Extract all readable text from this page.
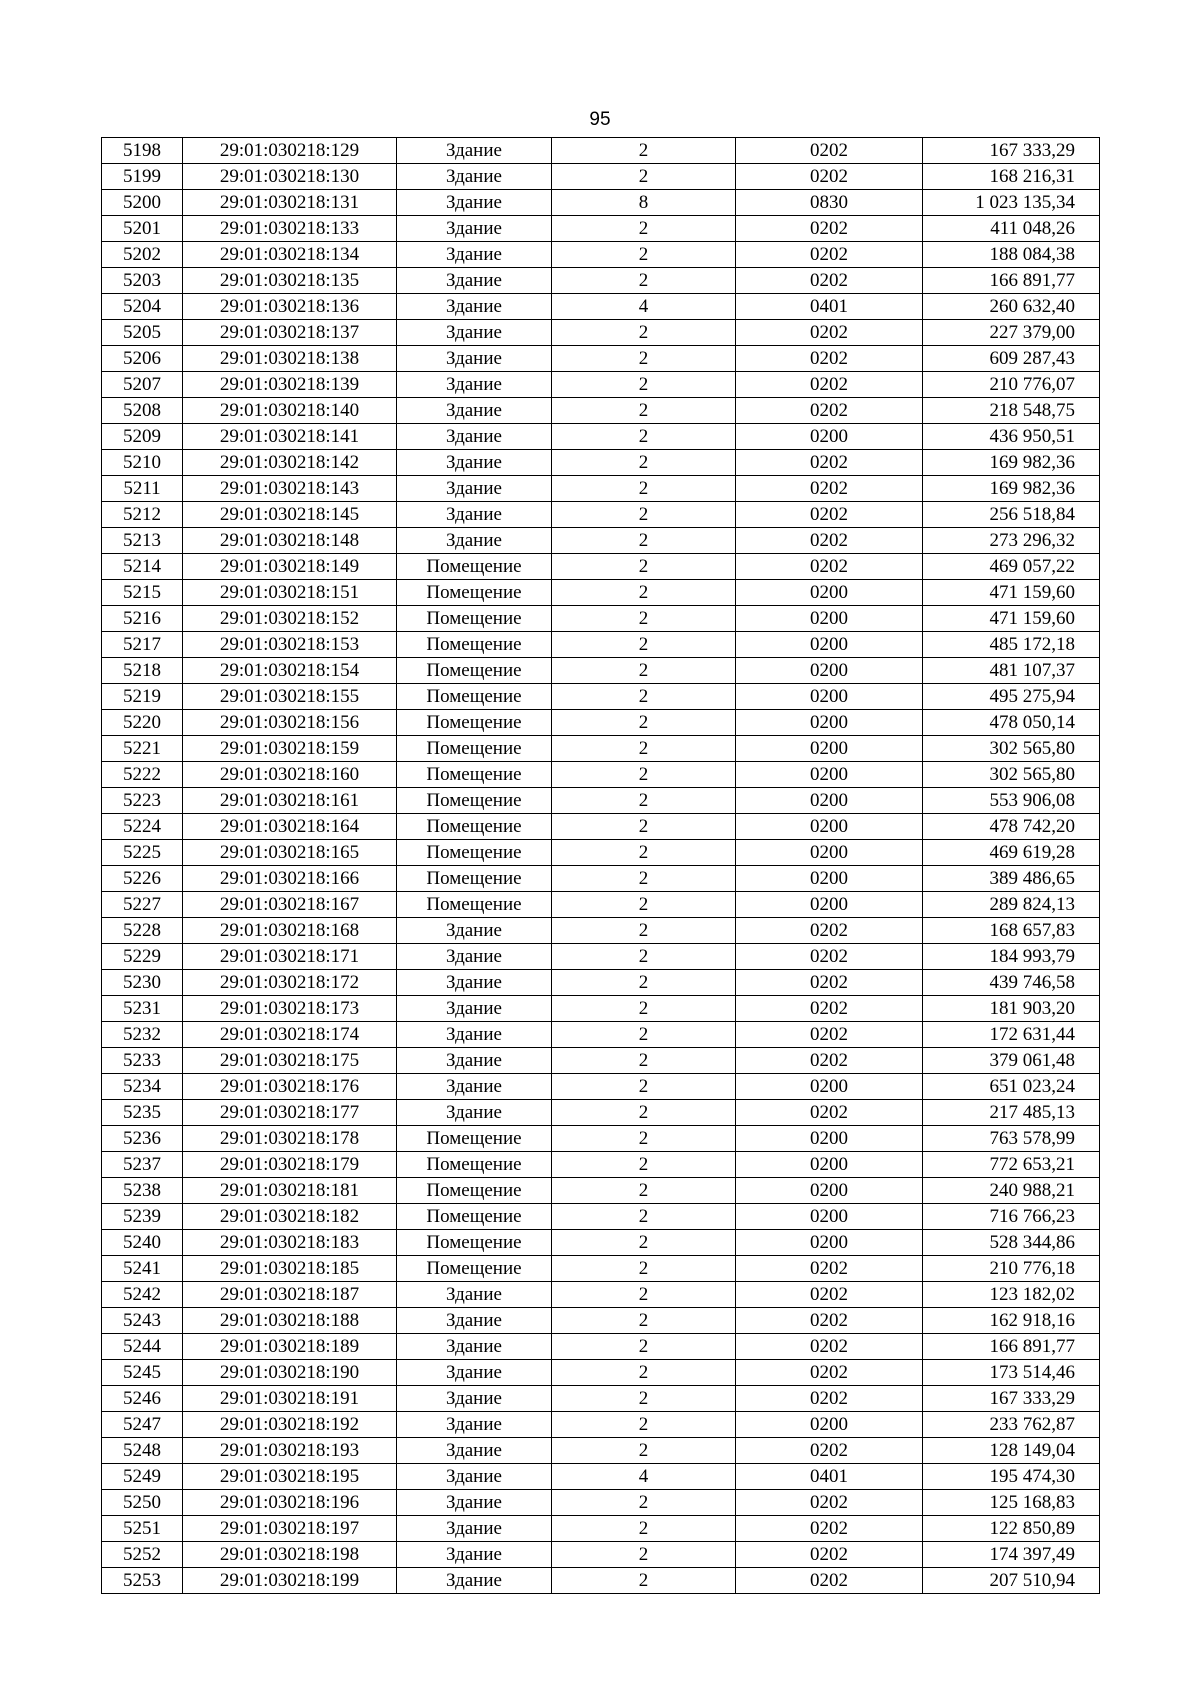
95
5198	29:01:030218:129	Здание	2	0202	167 333,29
5199	29:01:030218:130	Здание	2	0202	168 216,31
5200	29:01:030218:131	Здание	8	0830	1 023 135,34
5201	29:01:030218:133	Здание	2	0202	411 048,26
5202	29:01:030218:134	Здание	2	0202	188 084,38
5203	29:01:030218:135	Здание	2	0202	166 891,77
5204	29:01:030218:136	Здание	4	0401	260 632,40
5205	29:01:030218:137	Здание	2	0202	227 379,00
5206	29:01:030218:138	Здание	2	0202	609 287,43
5207	29:01:030218:139	Здание	2	0202	210 776,07
5208	29:01:030218:140	Здание	2	0202	218 548,75
5209	29:01:030218:141	Здание	2	0200	436 950,51
5210	29:01:030218:142	Здание	2	0202	169 982,36
5211	29:01:030218:143	Здание	2	0202	169 982,36
5212	29:01:030218:145	Здание	2	0202	256 518,84
5213	29:01:030218:148	Здание	2	0202	273 296,32
5214	29:01:030218:149	Помещение	2	0202	469 057,22
5215	29:01:030218:151	Помещение	2	0200	471 159,60
5216	29:01:030218:152	Помещение	2	0200	471 159,60
5217	29:01:030218:153	Помещение	2	0200	485 172,18
5218	29:01:030218:154	Помещение	2	0200	481 107,37
5219	29:01:030218:155	Помещение	2	0200	495 275,94
5220	29:01:030218:156	Помещение	2	0200	478 050,14
5221	29:01:030218:159	Помещение	2	0200	302 565,80
5222	29:01:030218:160	Помещение	2	0200	302 565,80
5223	29:01:030218:161	Помещение	2	0200	553 906,08
5224	29:01:030218:164	Помещение	2	0200	478 742,20
5225	29:01:030218:165	Помещение	2	0200	469 619,28
5226	29:01:030218:166	Помещение	2	0200	389 486,65
5227	29:01:030218:167	Помещение	2	0200	289 824,13
5228	29:01:030218:168	Здание	2	0202	168 657,83
5229	29:01:030218:171	Здание	2	0202	184 993,79
5230	29:01:030218:172	Здание	2	0202	439 746,58
5231	29:01:030218:173	Здание	2	0202	181 903,20
5232	29:01:030218:174	Здание	2	0202	172 631,44
5233	29:01:030218:175	Здание	2	0202	379 061,48
5234	29:01:030218:176	Здание	2	0200	651 023,24
5235	29:01:030218:177	Здание	2	0202	217 485,13
5236	29:01:030218:178	Помещение	2	0200	763 578,99
5237	29:01:030218:179	Помещение	2	0200	772 653,21
5238	29:01:030218:181	Помещение	2	0200	240 988,21
5239	29:01:030218:182	Помещение	2	0200	716 766,23
5240	29:01:030218:183	Помещение	2	0200	528 344,86
5241	29:01:030218:185	Помещение	2	0202	210 776,18
5242	29:01:030218:187	Здание	2	0202	123 182,02
5243	29:01:030218:188	Здание	2	0202	162 918,16
5244	29:01:030218:189	Здание	2	0202	166 891,77
5245	29:01:030218:190	Здание	2	0202	173 514,46
5246	29:01:030218:191	Здание	2	0202	167 333,29
5247	29:01:030218:192	Здание	2	0200	233 762,87
5248	29:01:030218:193	Здание	2	0202	128 149,04
5249	29:01:030218:195	Здание	4	0401	195 474,30
5250	29:01:030218:196	Здание	2	0202	125 168,83
5251	29:01:030218:197	Здание	2	0202	122 850,89
5252	29:01:030218:198	Здание	2	0202	174 397,49
5253	29:01:030218:199	Здание	2	0202	207 510,94
